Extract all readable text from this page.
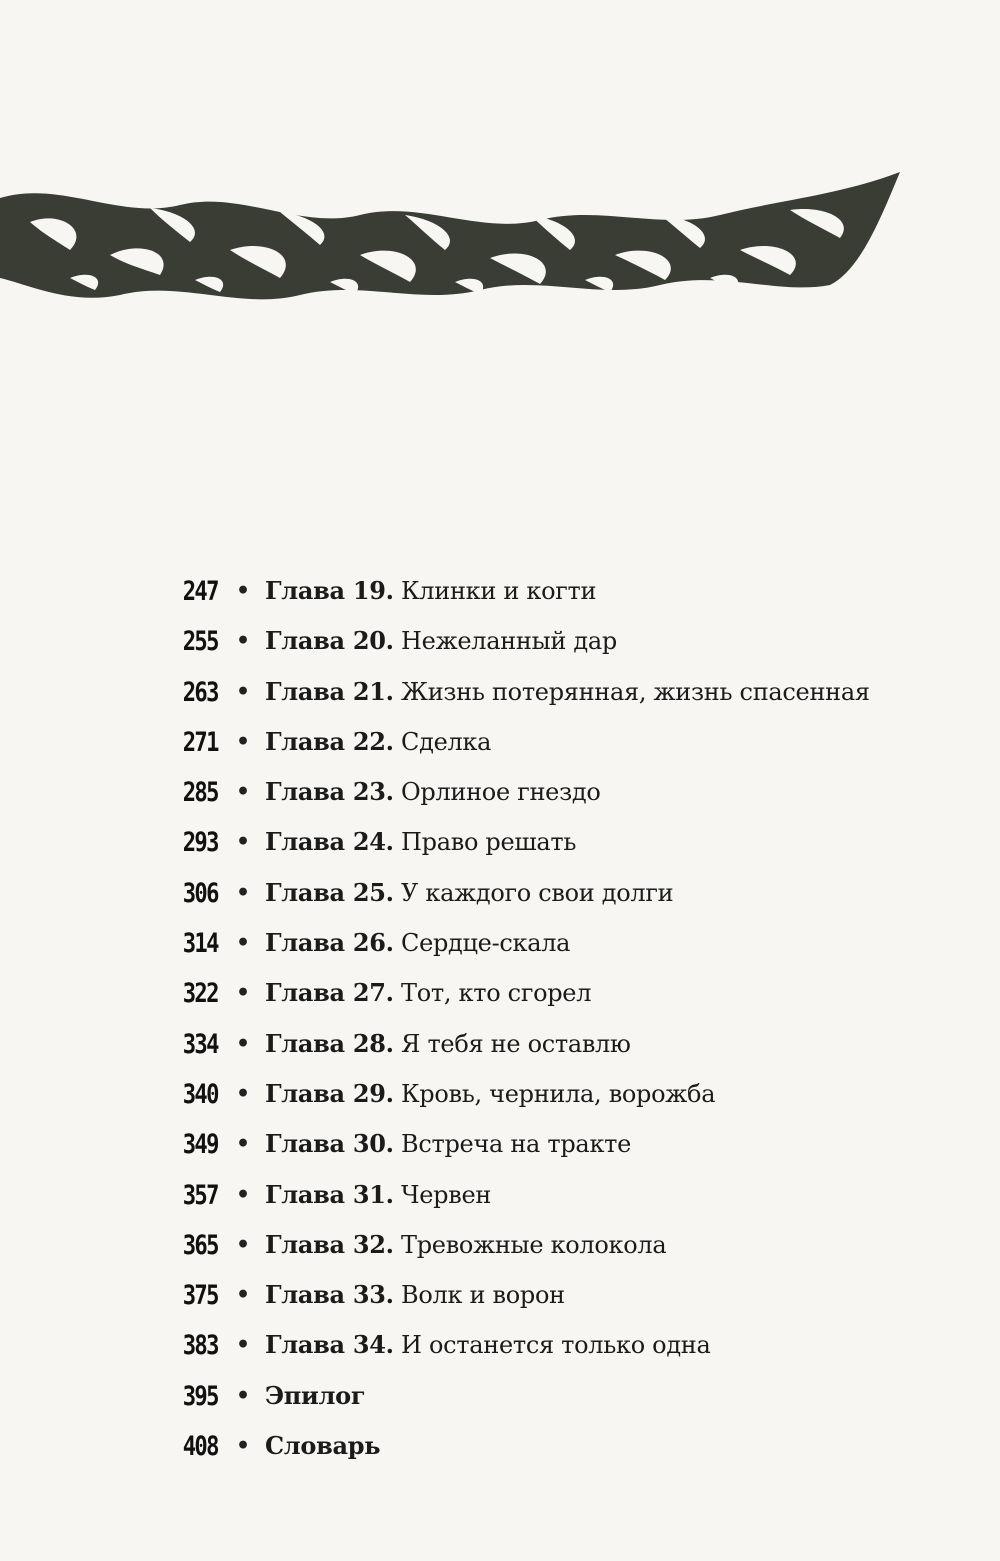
247 • Глава 19. Клинки и когти
255 • Глава 20. Нежеланный дар
263 • Глава 21. Жизнь потерянная, жизнь спасенная
271 • Глава 22. Сделка
285 • Глава 23. Орлиное гнездо
293 • Глава 24. Право решать
306 • Глава 25. У каждого свои долги
314 • Глава 26. Сердце-скала
322 • Глава 27. Тот, кто сгорел
334 • Глава 28. Я тебя не оставлю
340 • Глава 29. Кровь, чернила, ворожба
349 • Глава 30. Встреча на тракте
357 • Глава 31. Червен
365 • Глава 32. Тревожные колокола
375 • Глава 33. Волк и ворон
383 • Глава 34. И останется только одна
395 • Эпилог
408 • Словарь
